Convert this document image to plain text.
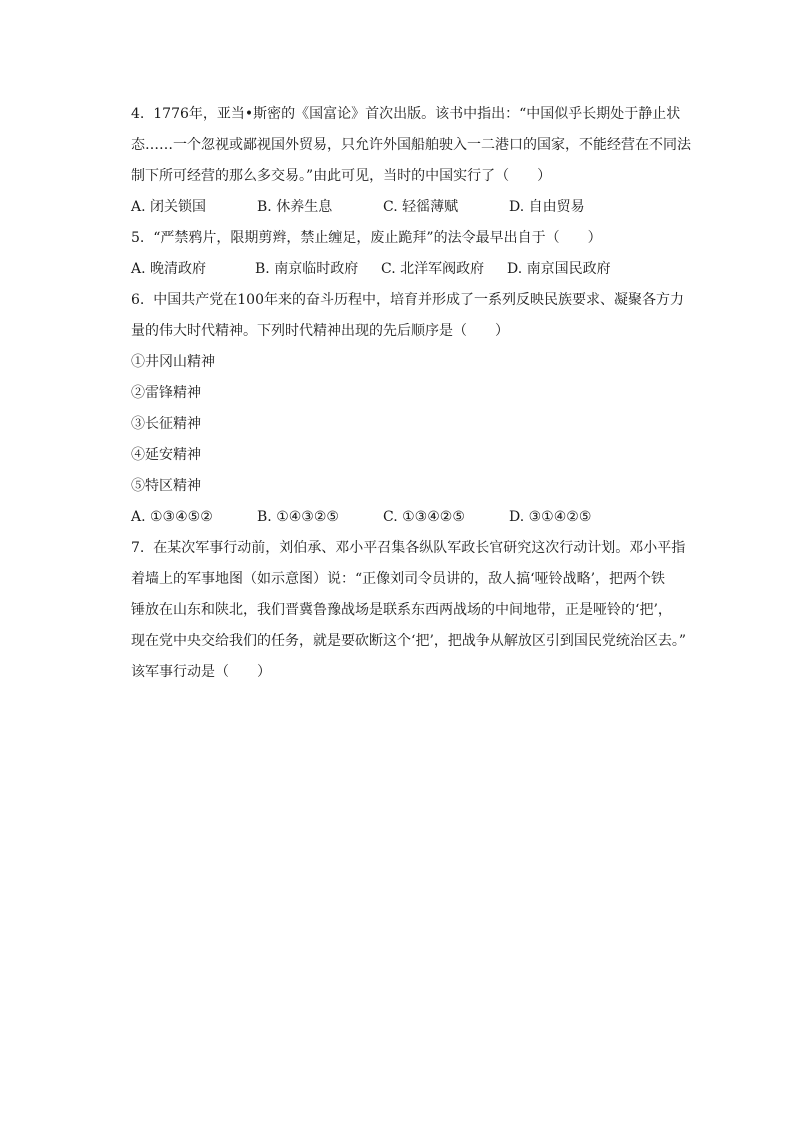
4.  1776年，亚当•斯密的《国富论》首次出版。该书中指出：“中国似乎长期处于静止状
态……一个忽视或鄙视国外贸易，只允许外国船舶驶入一二港口的国家，不能经营在不同法
制下所可经营的那么多交易。”由此可见，当时的中国实行了（　　）
A. 闭关锁国	B. 休养生息	C. 轻徭薄赋	D. 自由贸易
5.  “严禁鸦片，限期剪辫，禁止缠足，废止跪拜”的法令最早出自于（　　）
A. 晚清政府	B. 南京临时政府	C. 北洋军阀政府	D. 南京国民政府
6.  中国共产党在100年来的奋斗历程中，培育并形成了一系列反映民族要求、凝聚各方力
量的伟大时代精神。下列时代精神出现的先后顺序是（　　）
①井冈山精神
②雷锋精神
③长征精神
④延安精神
⑤特区精神
A. ①③④⑤②	B. ①④③②⑤	C. ①③④②⑤	D. ③①④②⑤
7.  在某次军事行动前，刘伯承、邓小平召集各纵队军政长官研究这次行动计划。邓小平指
着墙上的军事地图（如示意图）说：“正像刘司令员讲的，敌人搞‘哑铃战略’，把两个铁
锤放在山东和陕北，我们晋冀鲁豫战场是联系东西两战场的中间地带，正是哑铃的‘把’，
现在党中央交给我们的任务，就是要砍断这个‘把’，把战争从解放区引到国民党统治区去。”
该军事行动是（　　）
